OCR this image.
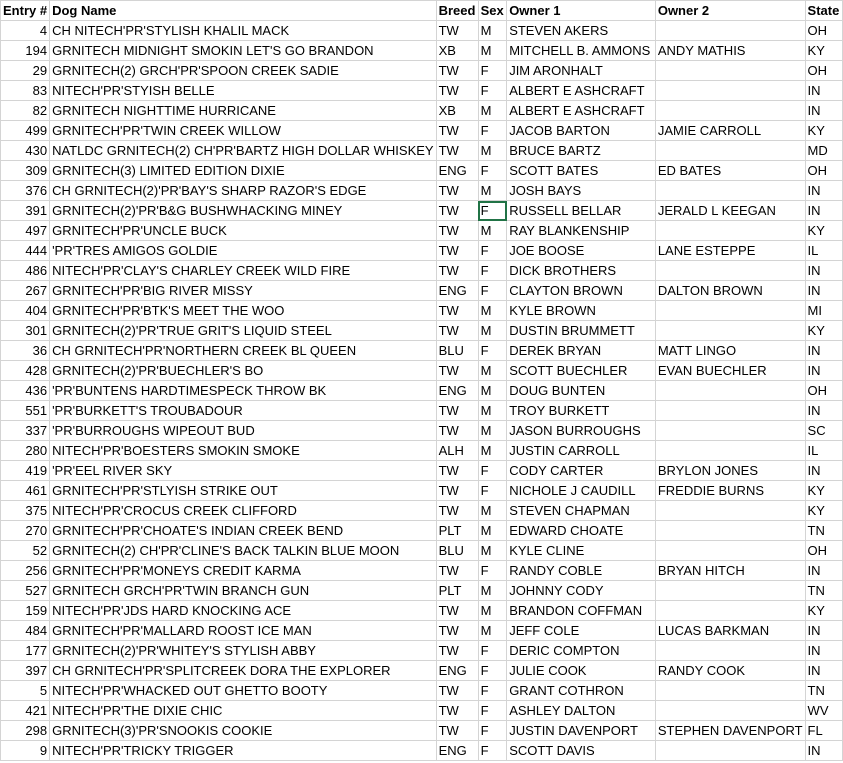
Entry #	Dog Name	Breed	Sex	Owner 1	Owner 2	State
4	CH NITECH'PR'STYLISH KHALIL MACK	TW	M	STEVEN AKERS		OH
194	GRNITECH MIDNIGHT SMOKIN LET'S GO BRANDON	XB	M	MITCHELL B. AMMONS	ANDY MATHIS	KY
29	GRNITECH(2) GRCH'PR'SPOON CREEK SADIE	TW	F	JIM ARONHALT		OH
83	NITECH'PR'STYISH BELLE	TW	F	ALBERT E ASHCRAFT		IN
82	GRNITECH NIGHTTIME HURRICANE	XB	M	ALBERT E ASHCRAFT		IN
499	GRNITECH'PR'TWIN CREEK WILLOW	TW	F	JACOB BARTON	JAMIE CARROLL	KY
430	NATLDC GRNITECH(2) CH'PR'BARTZ HIGH DOLLAR WHISKEY	TW	M	BRUCE BARTZ		MD
309	GRNITECH(3) LIMITED EDITION DIXIE	ENG	F	SCOTT BATES	ED BATES	OH
376	CH GRNITECH(2)'PR'BAY'S SHARP RAZOR'S EDGE	TW	M	JOSH BAYS		IN
391	GRNITECH(2)'PR'B&G BUSHWHACKING MINEY	TW	F	RUSSELL BELLAR	JERALD L KEEGAN	IN
497	GRNITECH'PR'UNCLE BUCK	TW	M	RAY BLANKENSHIP		KY
444	'PR'TRES AMIGOS GOLDIE	TW	F	JOE BOOSE	LANE ESTEPPE	IL
486	NITECH'PR'CLAY'S CHARLEY CREEK WILD FIRE	TW	F	DICK BROTHERS		IN
267	GRNITECH'PR'BIG RIVER MISSY	ENG	F	CLAYTON BROWN	DALTON BROWN	IN
404	GRNITECH'PR'BTK'S MEET THE WOO	TW	M	KYLE BROWN		MI
301	GRNITECH(2)'PR'TRUE GRIT'S LIQUID STEEL	TW	M	DUSTIN BRUMMETT		KY
36	CH GRNITECH'PR'NORTHERN CREEK BL QUEEN	BLU	F	DEREK BRYAN	MATT LINGO	IN
428	GRNITECH(2)'PR'BUECHLER'S BO	TW	M	SCOTT BUECHLER	EVAN BUECHLER	IN
436	'PR'BUNTENS HARDTIMESPECK THROW BK	ENG	M	DOUG BUNTEN		OH
551	'PR'BURKETT'S TROUBADOUR	TW	M	TROY BURKETT		IN
337	'PR'BURROUGHS WIPEOUT BUD	TW	M	JASON BURROUGHS		SC
280	NITECH'PR'BOESTERS SMOKIN SMOKE	ALH	M	JUSTIN CARROLL		IL
419	'PR'EEL RIVER SKY	TW	F	CODY CARTER	BRYLON JONES	IN
461	GRNITECH'PR'STLYISH STRIKE OUT	TW	F	NICHOLE J CAUDILL	FREDDIE BURNS	KY
375	NITECH'PR'CROCUS CREEK CLIFFORD	TW	M	STEVEN CHAPMAN		KY
270	GRNITECH'PR'CHOATE'S INDIAN CREEK BEND	PLT	M	EDWARD CHOATE		TN
52	GRNITECH(2) CH'PR'CLINE'S BACK TALKIN BLUE MOON	BLU	M	KYLE CLINE		OH
256	GRNITECH'PR'MONEYS CREDIT KARMA	TW	F	RANDY COBLE	BRYAN HITCH	IN
527	GRNITECH GRCH'PR'TWIN BRANCH GUN	PLT	M	JOHNNY CODY		TN
159	NITECH'PR'JDS HARD KNOCKING ACE	TW	M	BRANDON COFFMAN		KY
484	GRNITECH'PR'MALLARD ROOST ICE MAN	TW	M	JEFF COLE	LUCAS BARKMAN	IN
177	GRNITECH(2)'PR'WHITEY'S STYLISH ABBY	TW	F	DERIC COMPTON		IN
397	CH GRNITECH'PR'SPLITCREEK DORA THE EXPLORER	ENG	F	JULIE COOK	RANDY COOK	IN
5	NITECH'PR'WHACKED OUT GHETTO BOOTY	TW	F	GRANT COTHRON		TN
421	NITECH'PR'THE DIXIE CHIC	TW	F	ASHLEY DALTON		WV
298	GRNITECH(3)'PR'SNOOKIS COOKIE	TW	F	JUSTIN DAVENPORT	STEPHEN DAVENPORT	FL
9	NITECH'PR'TRICKY TRIGGER	ENG	F	SCOTT DAVIS		IN
